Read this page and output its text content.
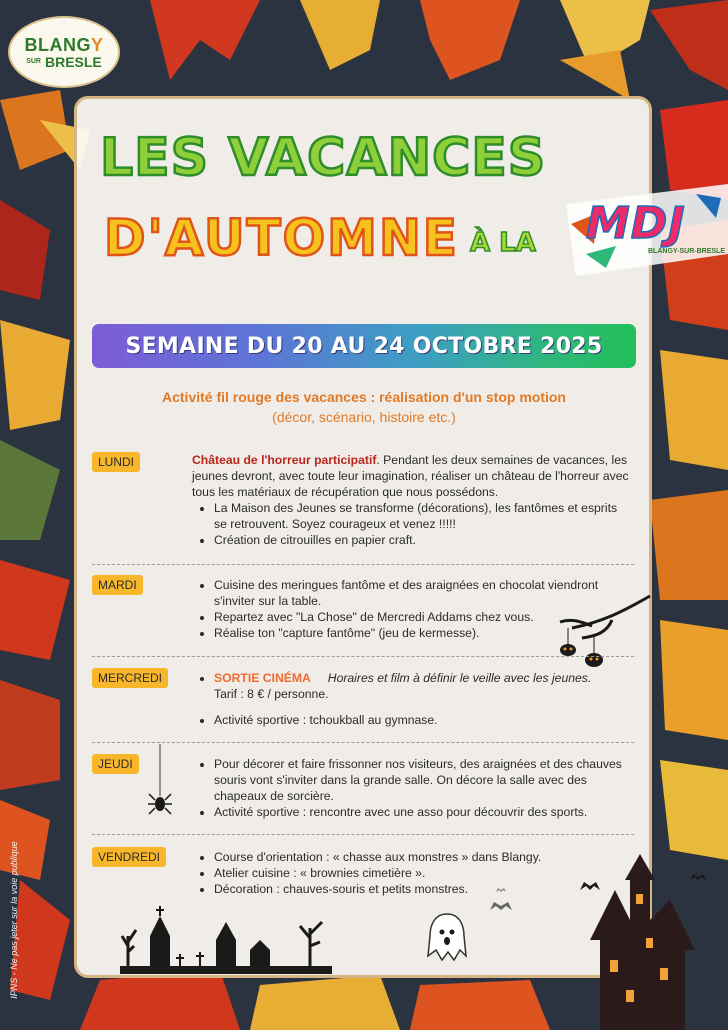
BLANGY
SUR BRESLE
IPNS - Ne pas jeter sur la voie publique
LES VACANCES
D'AUTOMNE À LA MDJ
BLANGY-SUR-BRESLE
SEMAINE DU 20 AU 24 OCTOBRE 2025
Activité fil rouge des vacances : réalisation d'un stop motion
(décor, scénario, histoire etc.)
LUNDI	Château de l'horreur participatif. Pendant les deux semaines de vacances, les jeunes devront, avec toute leur imagination, réaliser un château de l'horreur avec tous les matériaux de récupération que nous possédons.
• La Maison des Jeunes se transforme (décorations), les fantômes et esprits se retrouvent. Soyez courageux et venez !!!!!
• Création de citrouilles en papier craft.
MARDI	• Cuisine des meringues fantôme et des araignées en chocolat viendront s'inviter sur la table.
• Repartez avec "La Chose" de Mercredi Addams chez vous.
• Réalise ton "capture fantôme" (jeu de kermesse).
MERCREDI	• SORTIE CINÉMA Horaires et film à définir le veille avec les jeunes.
Tarif : 8 € / personne.
• Activité sportive : tchoukball au gymnase.
JEUDI	• Pour décorer et faire frissonner nos visiteurs, des araignées et des chauves souris vont s'inviter dans la grande salle. On décore la salle avec des chapeaux de sorcière.
• Activité sportive : rencontre avec une asso pour découvrir des sports.
VENDREDI	• Course d'orientation : « chasse aux monstres » dans Blangy.
• Atelier cuisine : « brownies cimetière ».
• Décoration : chauves-souris et petits monstres.
